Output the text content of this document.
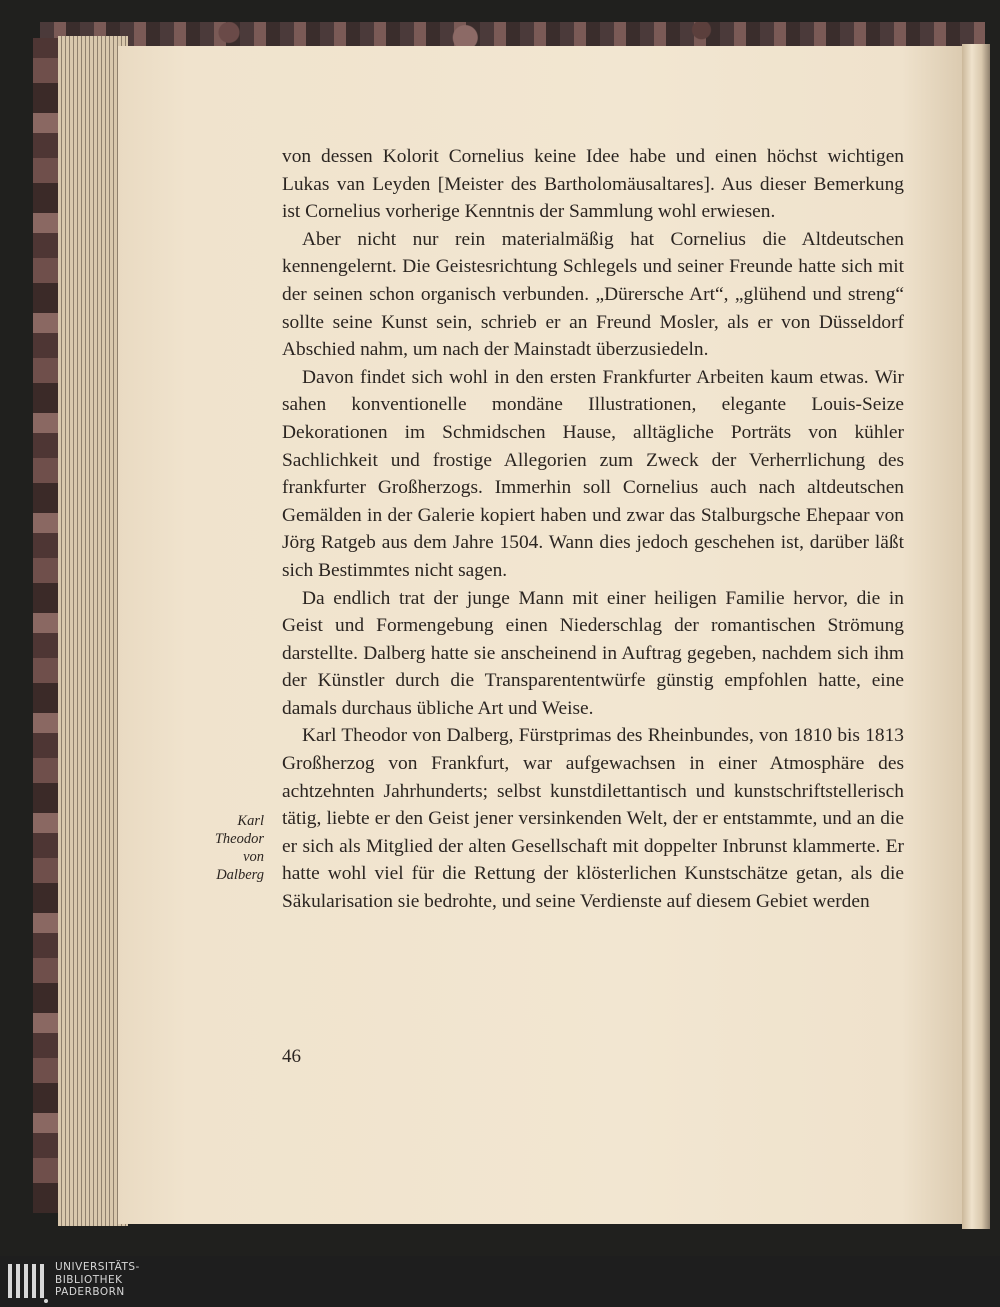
von dessen Kolorit Cornelius keine Idee habe und einen höchst wichtigen Lukas van Leyden [Meister des Bartholomäusaltares]. Aus dieser Bemerkung ist Cornelius vorherige Kenntnis der Sammlung wohl erwiesen.

Aber nicht nur rein materialmäßig hat Cornelius die Altdeutschen kennengelernt. Die Geistesrichtung Schlegels und seiner Freunde hatte sich mit der seinen schon organisch verbunden. „Dürersche Art“, „glühend und streng“ sollte seine Kunst sein, schrieb er an Freund Mosler, als er von Düsseldorf Abschied nahm, um nach der Mainstadt überzusiedeln.

Davon findet sich wohl in den ersten Frankfurter Arbeiten kaum etwas. Wir sahen konventionelle mondäne Illustrationen, elegante Louis-Seize Dekorationen im Schmidschen Hause, alltägliche Porträts von kühler Sachlichkeit und frostige Allegorien zum Zweck der Verherrlichung des frankfurter Großherzogs. Immerhin soll Cornelius auch nach altdeutschen Gemälden in der Galerie kopiert haben und zwar das Stalburgsche Ehepaar von Jörg Ratgeb aus dem Jahre 1504. Wann dies jedoch geschehen ist, darüber läßt sich Bestimmtes nicht sagen.

Da endlich trat der junge Mann mit einer heiligen Familie hervor, die in Geist und Formengebung einen Niederschlag der romantischen Strömung darstellte. Dalberg hatte sie anscheinend in Auftrag gegeben, nachdem sich ihm der Künstler durch die Transparententwürfe günstig empfohlen hatte, eine damals durchaus übliche Art und Weise.

Karl Theodor von Dalberg, Fürstprimas des Rheinbundes, von 1810 bis 1813 Großherzog von Frankfurt, war aufgewachsen in einer Atmosphäre des achtzehnten Jahrhunderts; selbst kunstdilettantisch und kunstschriftstellerisch tätig, liebte er den Geist jener versinkenden Welt, der er entstammte, und an die er sich als Mitglied der alten Gesellschaft mit doppelter Inbrunst klammerte. Er hatte wohl viel für die Rettung der klösterlichen Kunstschätze getan, als die Säkularisation sie bedrohte, und seine Verdienste auf diesem Gebiet werden

Karl
Theodor
von
Dalberg
46
UNIVERSITÄTS-
BIBLIOTHEK
PADERBORN
